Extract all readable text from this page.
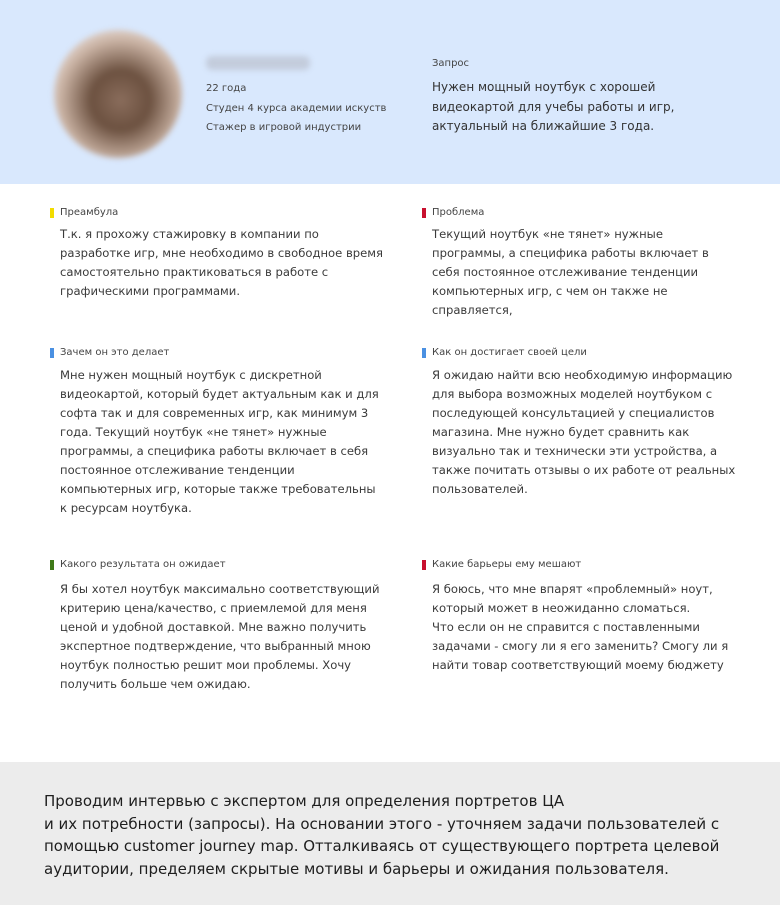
22 года
Студен 4 курса академии искуств
Стажер в игровой индустрии
Запрос
Нужен мощный ноутбук с хорошей видеокартой для учебы работы и игр, актуальный на ближайшие 3 года.
Преамбула
Т.к. я прохожу стажировку в компании по разработке игр, мне необходимо в свободное время самостоятельно практиковаться в работе с графическими программами.
Проблема
Текущий ноутбук «не тянет» нужные программы, а специфика работы включает в себя постоянное отслеживание тенденции компьютерных игр, с чем он также не справляется,
Зачем он это делает
Мне нужен мощный ноутбук с дискретной видеокартой, который будет актуальным как и для софта так и для современных игр, как минимум 3 года. Текущий ноутбук «не тянет» нужные программы, а специфика работы включает в себя постоянное отслеживание тенденции компьютерных игр, которые также требовательны к ресурсам ноутбука.
Как он достигает своей цели
Я ожидаю найти всю необходимую информацию для выбора возможных моделей ноутбуком с последующей консультацией у специалистов магазина. Мне нужно будет сравнить как визуально так и технически эти устройства, а также почитать отзывы о их работе от реальных пользователей.
Какого результата он ожидает
Я бы хотел ноутбук максимально соответствующий критерию цена/качество, с приемлемой для меня ценой и удобной доставкой. Мне важно получить экспертное подтверждение, что выбранный мною ноутбук полностью решит мои проблемы. Хочу получить больше чем ожидаю.
Какие барьеры ему мешают
Я боюсь, что мне впарят «проблемный» ноут, который может в неожиданно сломаться.
Что если он не справится с поставленными задачами - смогу ли я его заменить? Смогу ли я найти товар соответствующий моему бюджету
Проводим интервью с экспертом для определения портретов ЦА
и их потребности (запросы). На основании этого - уточняем задачи пользователей с помощью customer journey map. Отталкиваясь от существующего портрета целевой аудитории, пределяем скрытые мотивы и барьеры и ожидания пользователя.
